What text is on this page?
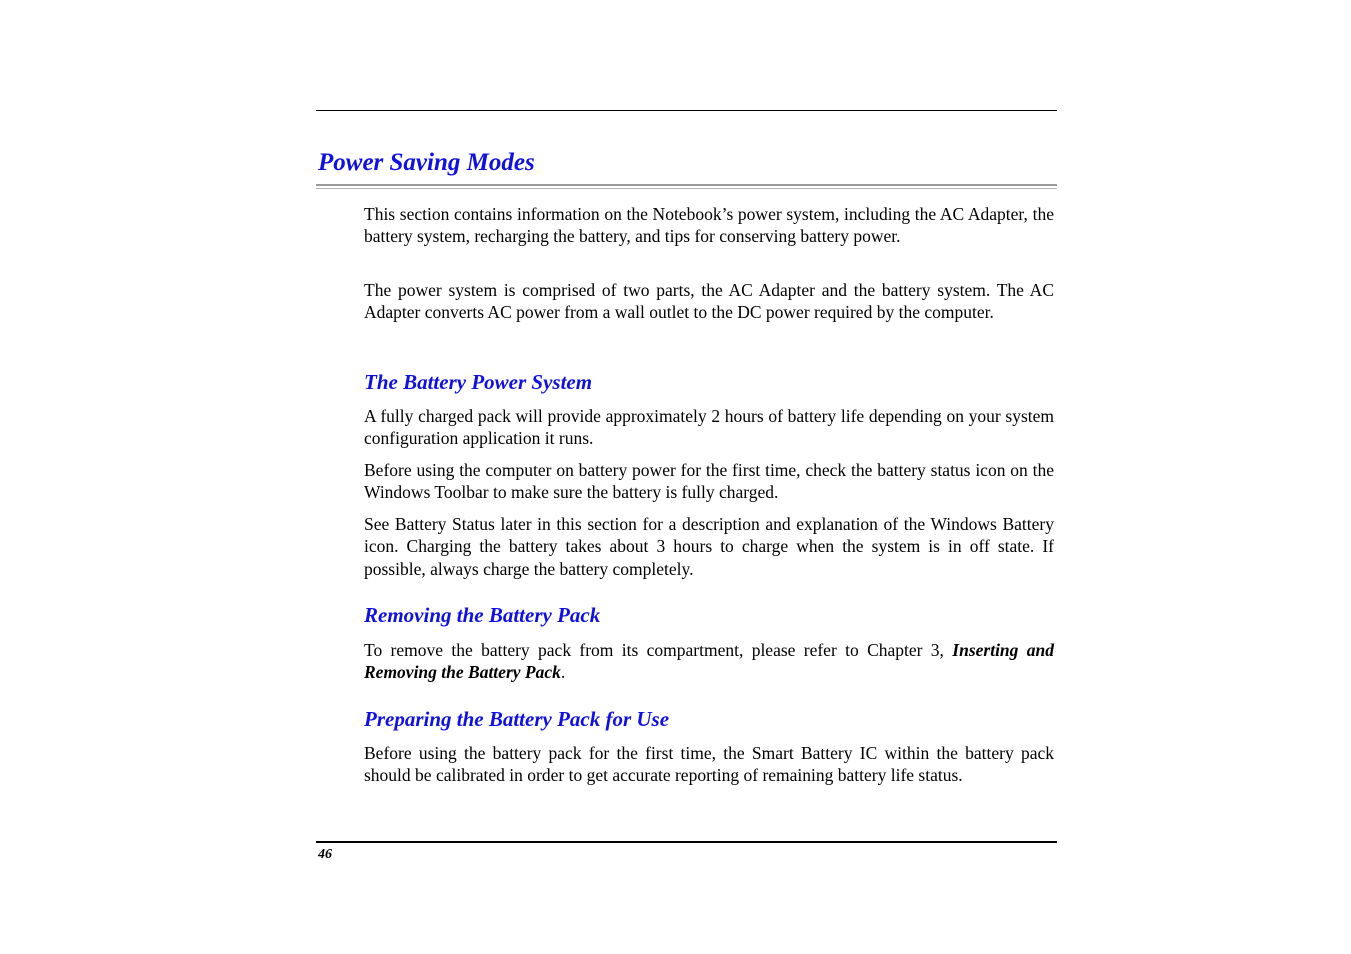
Power Saving Modes

This section contains information on the Notebook’s power system, including the AC Adapter, the battery system, recharging the battery, and tips for conserving battery power.

The power system is comprised of two parts, the AC Adapter and the battery system. The AC Adapter converts AC power from a wall outlet to the DC power required by the computer.

The Battery Power System

A fully charged pack will provide approximately 2 hours of battery life depending on your system configuration application it runs.

Before using the computer on battery power for the first time, check the battery status icon on the Windows Toolbar to make sure the battery is fully charged.

See Battery Status later in this section for a description and explanation of the Windows Battery icon. Charging the battery takes about 3 hours to charge when the system is in off state. If possible, always charge the battery completely.

Removing the Battery Pack

To remove the battery pack from its compartment, please refer to Chapter 3, Inserting and Removing the Battery Pack.

Preparing the Battery Pack for Use

Before using the battery pack for the first time, the Smart Battery IC within the battery pack should be calibrated in order to get accurate reporting of remaining battery life status.

46
